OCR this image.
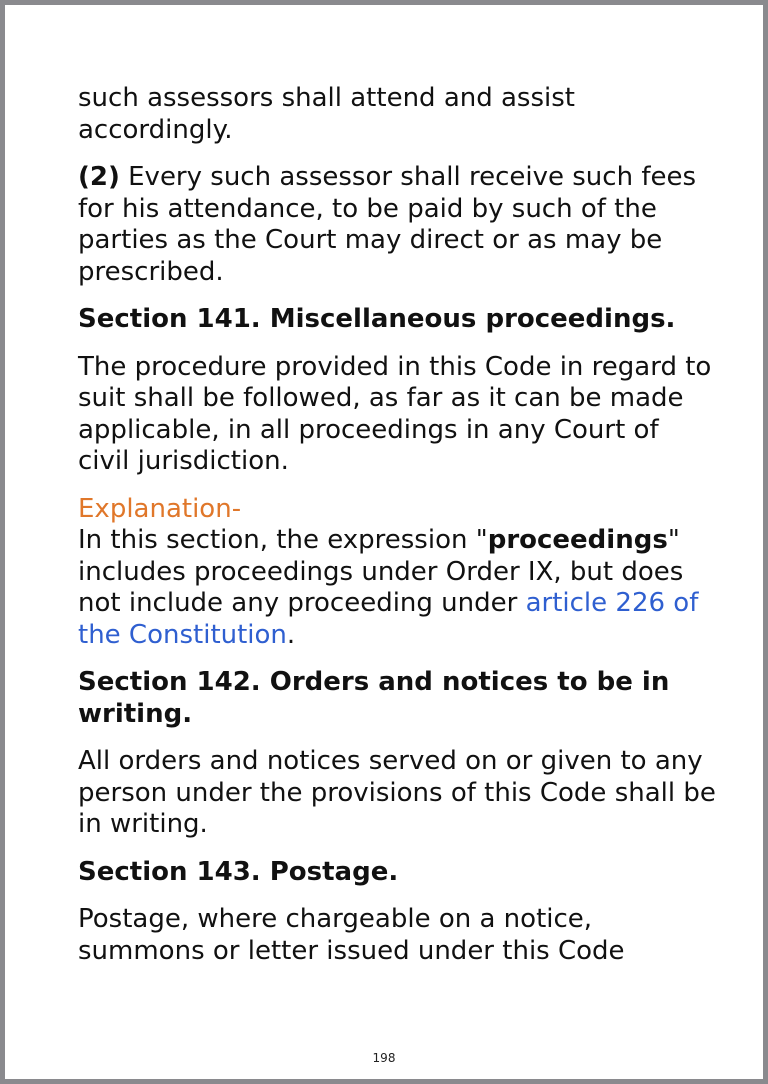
such assessors shall attend and assist accordingly.

(2) Every such assessor shall receive such fees for his attendance, to be paid by such of the parties as the Court may direct or as may be prescribed.

Section 141. Miscellaneous proceedings.

The procedure provided in this Code in regard to suit shall be followed, as far as it can be made applicable, in all proceedings in any Court of civil jurisdiction.

Explanation-

In this section, the expression "proceedings" includes proceedings under Order IX, but does not include any proceeding under article 226 of the Constitution.

Section 142. Orders and notices to be in writing.

All orders and notices served on or given to any person under the provisions of this Code shall be in writing.

Section 143. Postage.

Postage, where chargeable on a notice, summons or letter issued under this Code

198
